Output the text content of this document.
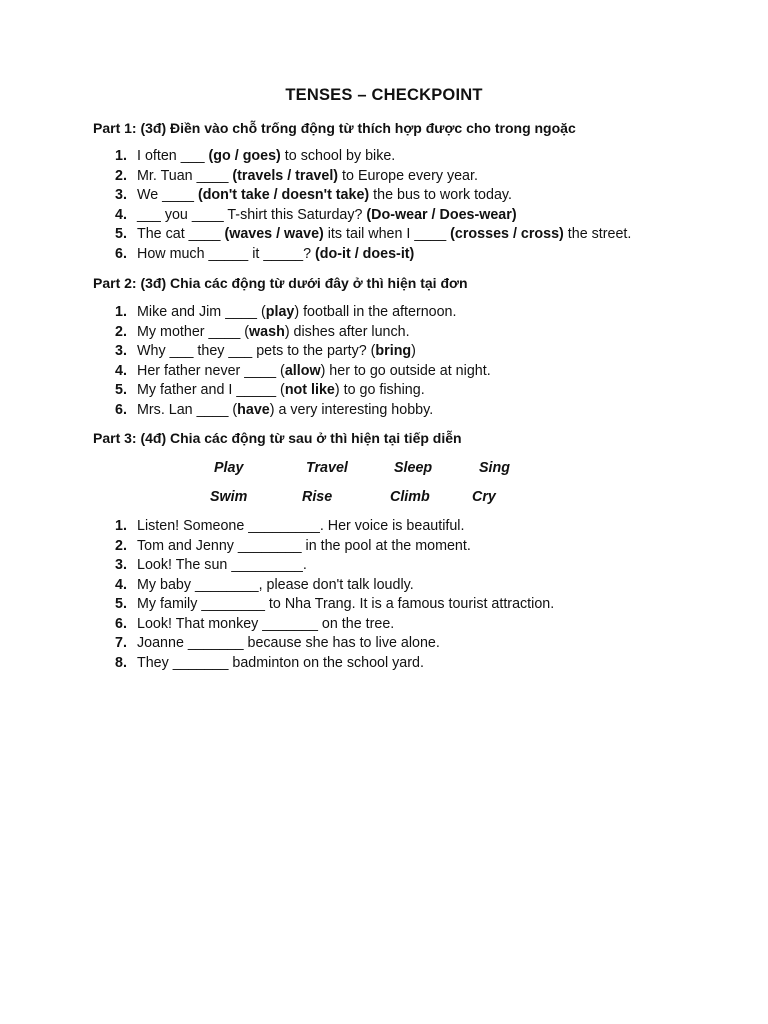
TENSES – CHECKPOINT
Part 1: (3đ) Điền vào chỗ trống động từ thích hợp được cho trong ngoặc
1. I often ___ (go / goes) to school by bike.
2. Mr. Tuan ____ (travels / travel) to Europe every year.
3. We ____ (don't take / doesn't take) the bus to work today.
4. ___ you ____ T-shirt this Saturday? (Do-wear / Does-wear)
5. The cat ____ (waves / wave) its tail when I ____ (crosses / cross) the street.
6. How much _____ it _____? (do-it / does-it)
Part 2: (3đ) Chia các động từ dưới đây ở thì hiện tại đơn
1. Mike and Jim ____ (play) football in the afternoon.
2. My mother ____ (wash) dishes after lunch.
3. Why ___ they ___ pets to the party? (bring)
4. Her father never ____ (allow) her to go outside at night.
5. My father and I _____ (not like) to go fishing.
6. Mrs. Lan ____ (have) a very interesting hobby.
Part 3: (4đ) Chia các động từ sau ở thì hiện tại tiếp diễn
Play	Travel	Sleep	Sing
Swim	Rise	Climb	Cry
1. Listen! Someone _________. Her voice is beautiful.
2. Tom and Jenny ________ in the pool at the moment.
3. Look! The sun _________.
4. My baby ________, please don't talk loudly.
5. My family ________ to Nha Trang. It is a famous tourist attraction.
6. Look! That monkey _______ on the tree.
7. Joanne _______ because she has to live alone.
8. They _______ badminton on the school yard.
